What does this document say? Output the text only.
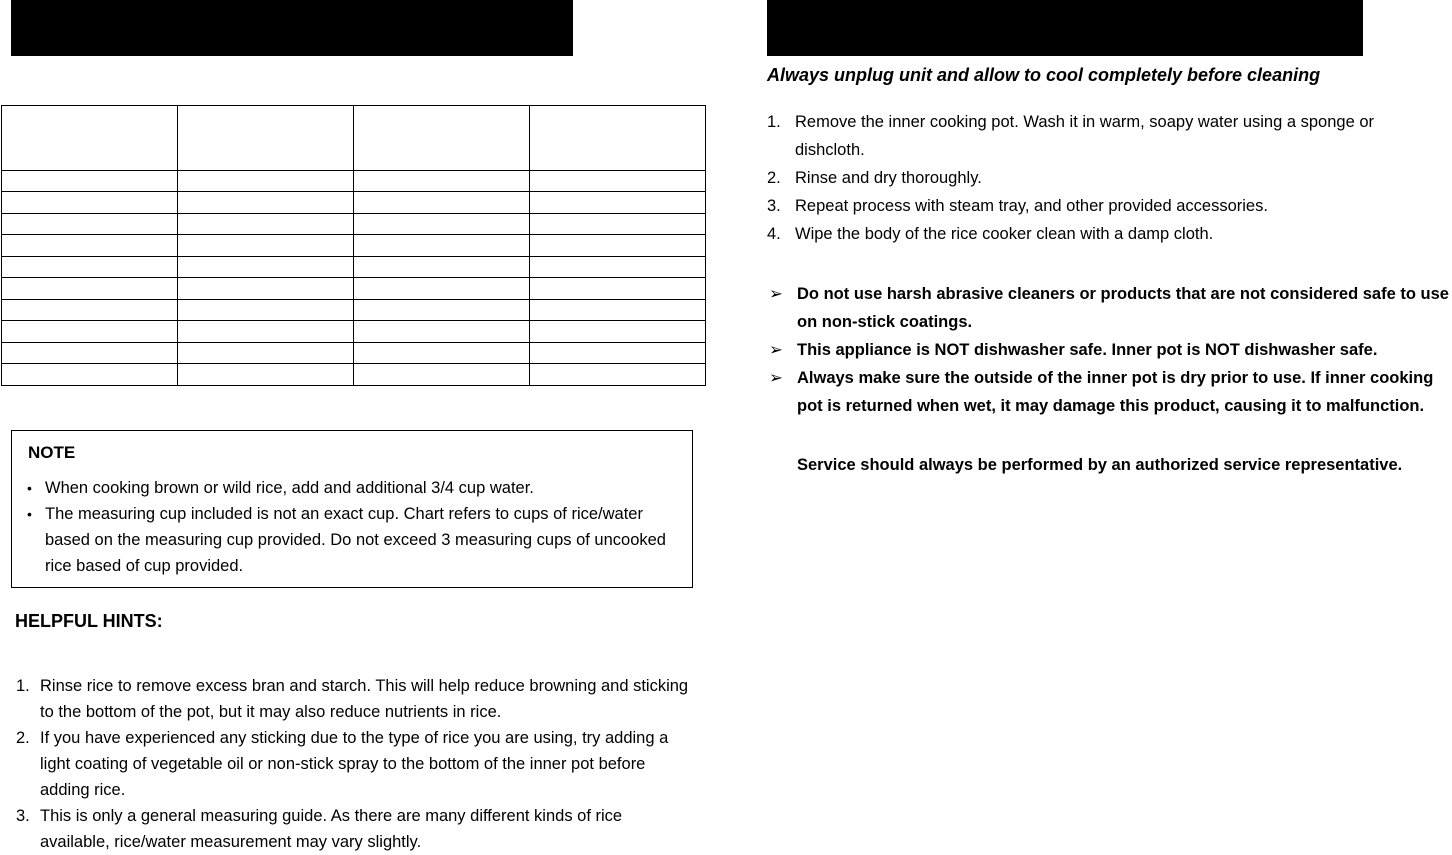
NOTE
• When cooking brown or wild rice, add and additional 3/4 cup water.
• The measuring cup included is not an exact cup. Chart refers to cups of rice/water based on the measuring cup provided. Do not exceed 3 measuring cups of uncooked rice based of cup provided.
HELPFUL HINTS:
1. Rinse rice to remove excess bran and starch. This will help reduce browning and sticking to the bottom of the pot, but it may also reduce nutrients in rice.
2. If you have experienced any sticking due to the type of rice you are using, try adding a light coating of vegetable oil or non-stick spray to the bottom of the inner pot before adding rice.
3. This is only a general measuring guide. As there are many different kinds of rice available, rice/water measurement may vary slightly.
Always unplug unit and allow to cool completely before cleaning
1. Remove the inner cooking pot. Wash it in warm, soapy water using a sponge or dishcloth.
2. Rinse and dry thoroughly.
3. Repeat process with steam tray, and other provided accessories.
4. Wipe the body of the rice cooker clean with a damp cloth.
➢ Do not use harsh abrasive cleaners or products that are not considered safe to use on non-stick coatings.
➢ This appliance is NOT dishwasher safe. Inner pot is NOT dishwasher safe.
➢ Always make sure the outside of the inner pot is dry prior to use. If inner cooking pot is returned when wet, it may damage this product, causing it to malfunction.
Service should always be performed by an authorized service representative.
